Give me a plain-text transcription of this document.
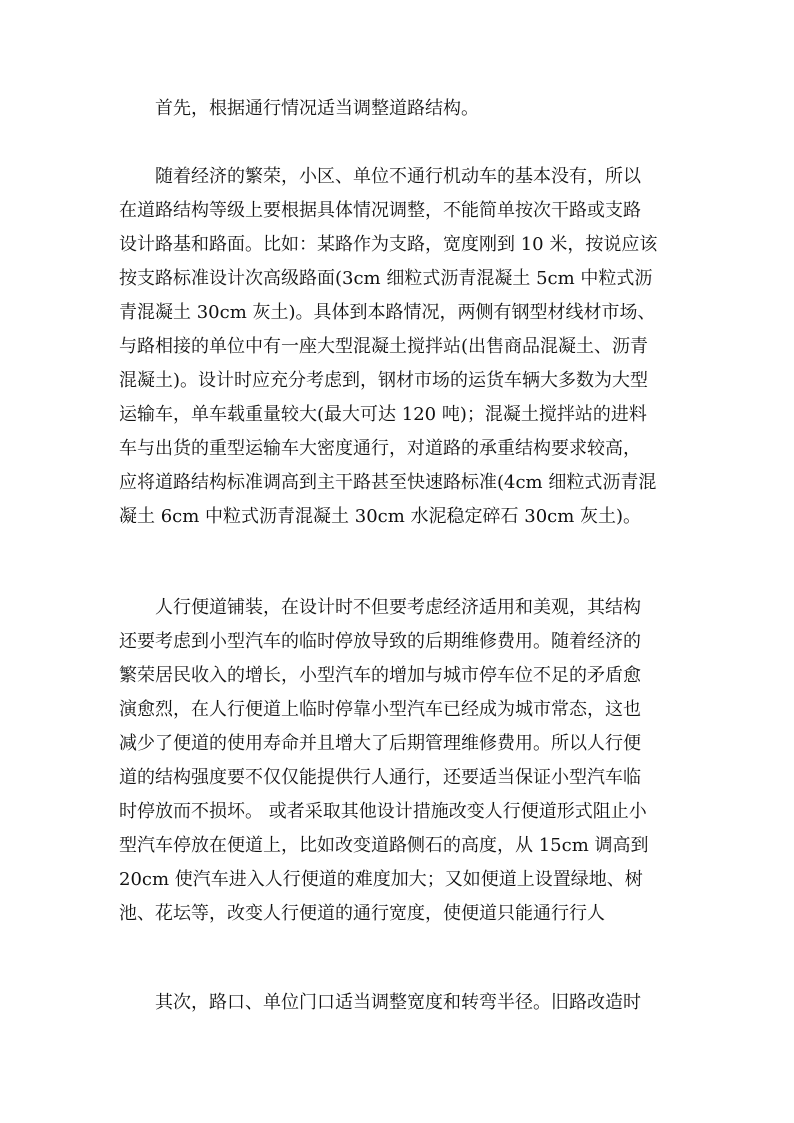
　　首先，根据通行情况适当调整道路结构。

　　随着经济的繁荣，小区、单位不通行机动车的基本没有，所以
在道路结构等级上要根据具体情况调整，不能简单按次干路或支路
设计路基和路面。比如：某路作为支路，宽度刚到 10 米，按说应该
按支路标准设计次高级路面(3cm 细粒式沥青混凝土 5cm 中粒式沥
青混凝土 30cm 灰土)。具体到本路情况，两侧有钢型材线材市场、
与路相接的单位中有一座大型混凝土搅拌站(出售商品混凝土、沥青
混凝土)。设计时应充分考虑到，钢材市场的运货车辆大多数为大型
运输车，单车载重量较大(最大可达 120 吨)；混凝土搅拌站的进料
车与出货的重型运输车大密度通行，对道路的承重结构要求较高，
应将道路结构标准调高到主干路甚至快速路标准(4cm 细粒式沥青混
凝土 6cm 中粒式沥青混凝土 30cm 水泥稳定碎石 30cm 灰土)。

　　人行便道铺装，在设计时不但要考虑经济适用和美观，其结构
还要考虑到小型汽车的临时停放导致的后期维修费用。随着经济的
繁荣居民收入的增长，小型汽车的增加与城市停车位不足的矛盾愈
演愈烈，在人行便道上临时停靠小型汽车已经成为城市常态，这也
减少了便道的使用寿命并且增大了后期管理维修费用。所以人行便
道的结构强度要不仅仅能提供行人通行，还要适当保证小型汽车临
时停放而不损坏。 或者采取其他设计措施改变人行便道形式阻止小
型汽车停放在便道上，比如改变道路侧石的高度，从 15cm 调高到
20cm 使汽车进入人行便道的难度加大；又如便道上设置绿地、树
池、花坛等，改变人行便道的通行宽度，使便道只能通行行人

　　其次，路口、单位门口适当调整宽度和转弯半径。旧路改造时
